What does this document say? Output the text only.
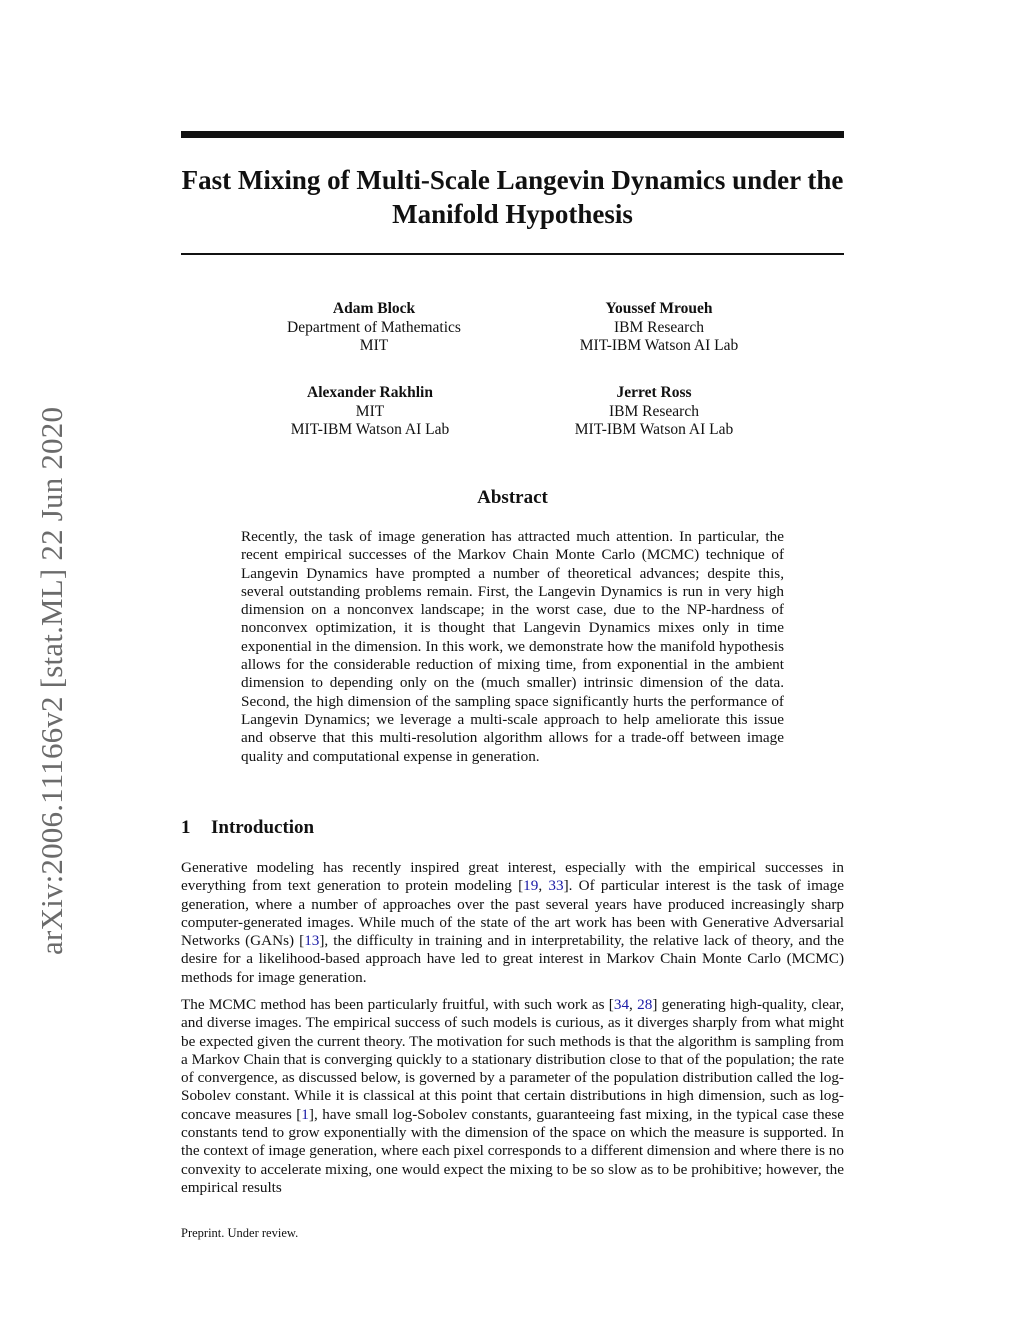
arXiv:2006.11166v2 [stat.ML] 22 Jun 2020
Fast Mixing of Multi-Scale Langevin Dynamics under the Manifold Hypothesis
Adam Block
Department of Mathematics
MIT
Youssef Mroueh
IBM Research
MIT-IBM Watson AI Lab
Alexander Rakhlin
MIT
MIT-IBM Watson AI Lab
Jerret Ross
IBM Research
MIT-IBM Watson AI Lab
Abstract
Recently, the task of image generation has attracted much attention. In particular, the recent empirical successes of the Markov Chain Monte Carlo (MCMC) technique of Langevin Dynamics have prompted a number of theoretical advances; despite this, several outstanding problems remain. First, the Langevin Dynamics is run in very high dimension on a nonconvex landscape; in the worst case, due to the NP-hardness of nonconvex optimization, it is thought that Langevin Dynamics mixes only in time exponential in the dimension. In this work, we demonstrate how the manifold hypothesis allows for the considerable reduction of mixing time, from exponential in the ambient dimension to depending only on the (much smaller) intrinsic dimension of the data. Second, the high dimension of the sampling space significantly hurts the performance of Langevin Dynamics; we leverage a multi-scale approach to help ameliorate this issue and observe that this multi-resolution algorithm allows for a trade-off between image quality and computational expense in generation.
1 Introduction
Generative modeling has recently inspired great interest, especially with the empirical successes in everything from text generation to protein modeling [19, 33]. Of particular interest is the task of image generation, where a number of approaches over the past several years have produced increasingly sharp computer-generated images. While much of the state of the art work has been with Generative Adversarial Networks (GANs) [13], the difficulty in training and in interpretability, the relative lack of theory, and the desire for a likelihood-based approach have led to great interest in Markov Chain Monte Carlo (MCMC) methods for image generation.
The MCMC method has been particularly fruitful, with such work as [34, 28] generating high-quality, clear, and diverse images. The empirical success of such models is curious, as it diverges sharply from what might be expected given the current theory. The motivation for such methods is that the algorithm is sampling from a Markov Chain that is converging quickly to a stationary distribution close to that of the population; the rate of convergence, as discussed below, is governed by a parameter of the population distribution called the log-Sobolev constant. While it is classical at this point that certain distributions in high dimension, such as log-concave measures [1], have small log-Sobolev constants, guaranteeing fast mixing, in the typical case these constants tend to grow exponentially with the dimension of the space on which the measure is supported. In the context of image generation, where each pixel corresponds to a different dimension and where there is no convexity to accelerate mixing, one would expect the mixing to be so slow as to be prohibitive; however, the empirical results
Preprint. Under review.
